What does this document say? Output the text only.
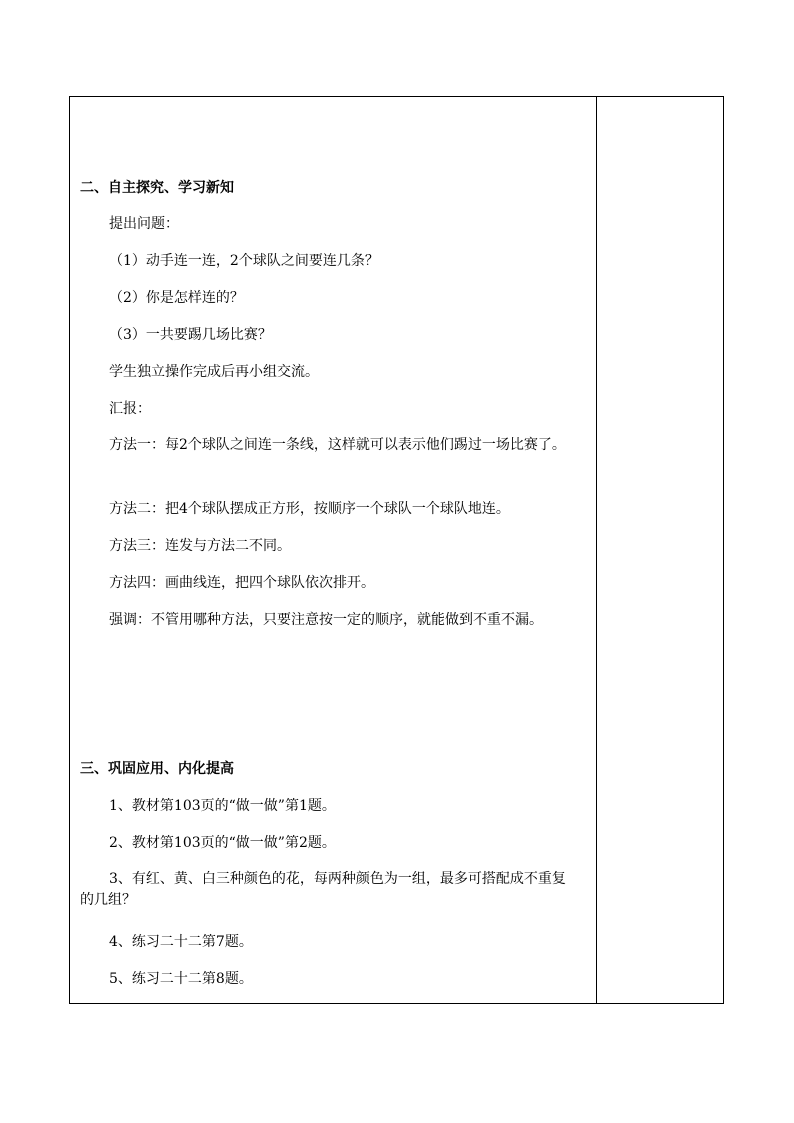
二、自主探究、学习新知
提出问题：
（1）动手连一连，2个球队之间要连几条？
（2）你是怎样连的？
（3）一共要踢几场比赛？
学生独立操作完成后再小组交流。
汇报：
方法一：每2个球队之间连一条线，这样就可以表示他们踢过一场比赛了。
方法二：把4个球队摆成正方形，按顺序一个球队一个球队地连。
方法三：连发与方法二不同。
方法四：画曲线连，把四个球队依次排开。
强调：不管用哪种方法，只要注意按一定的顺序，就能做到不重不漏。
三、巩固应用、内化提高
1、教材第103页的“做一做”第1题。
2、教材第103页的“做一做”第2题。
3、有红、黄、白三种颜色的花，每两种颜色为一组，最多可搭配成不重复的几组？
4、练习二十二第7题。
5、练习二十二第8题。
